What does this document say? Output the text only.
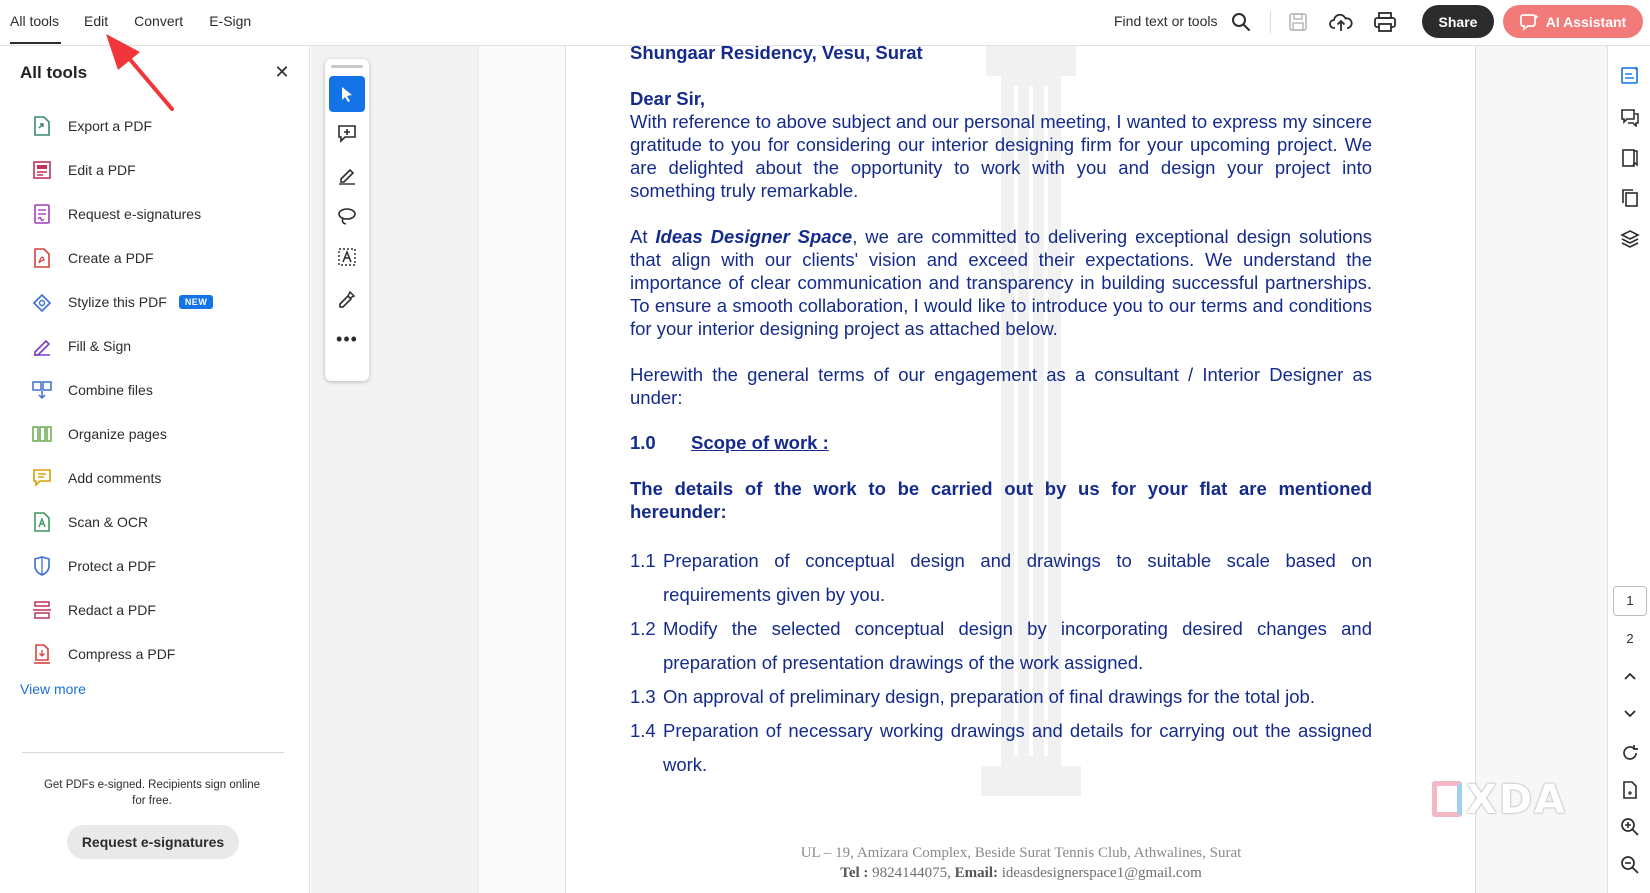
All tools	Edit	Convert	E-Sign	Find text or tools	Share	AI Assistant
All tools	✕
Export a PDF
Edit a PDF
Request e-signatures
Create a PDF
Stylize this PDF	NEW
Fill & Sign
Combine files
Organize pages
Add comments
Scan & OCR
Protect a PDF
Redact a PDF
Compress a PDF
View more
Get PDFs e-signed. Recipients sign online for free.
Request e-signatures
Shungaar Residency, Vesu, Surat
Dear Sir,

With reference to above subject and our personal meeting, I wanted to express my sincere gratitude to you for considering our interior designing firm for your upcoming project. We are delighted about the opportunity to work with you and design your project into something truly remarkable.

At Ideas Designer Space, we are committed to delivering exceptional design solutions that align with our clients' vision and exceed their expectations. We understand the importance of clear communication and transparency in building successful partnerships. To ensure a smooth collaboration, I would like to introduce you to our terms and conditions for your interior designing project as attached below.

Herewith the general terms of our engagement as a consultant / Interior Designer as under:

1.0 Scope of work :

The details of the work to be carried out by us for your flat are mentioned hereunder:

1.1 Preparation of conceptual design and drawings to suitable scale based on requirements given by you.
1.2 Modify the selected conceptual design by incorporating desired changes and preparation of presentation drawings of the work assigned.
1.3 On approval of preliminary design, preparation of final drawings for the total job.
1.4 Preparation of necessary working drawings and details for carrying out the assigned work.
UL – 19, Amizara Complex, Beside Surat Tennis Club, Athwalines, Surat
Tel : 9824144075, Email: ideasdesignerspace1@gmail.com
•••
1
2
XDA
